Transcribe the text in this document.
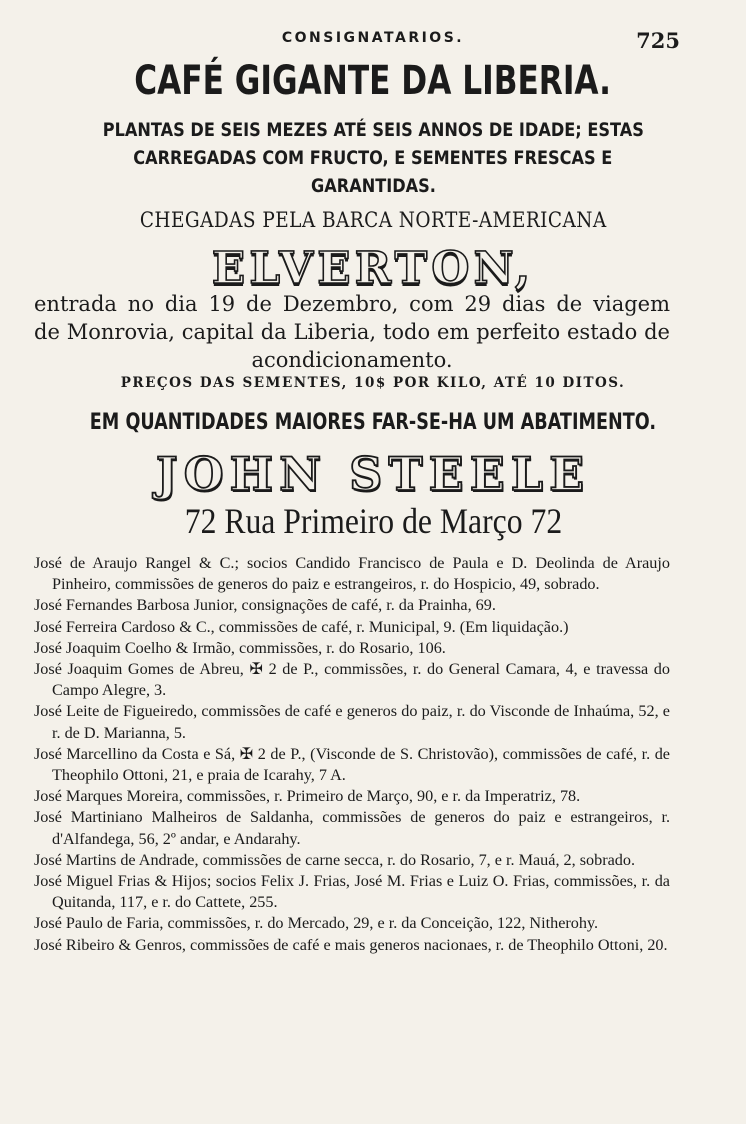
CONSIGNATARIOS.	725
CAFÉ GIGANTE DA LIBERIA.
PLANTAS DE SEIS MEZES ATÉ SEIS ANNOS DE IDADE; ESTAS
CARREGADAS COM FRUCTO, E SEMENTES FRESCAS E
GARANTIDAS.
CHEGADAS PELA BARCA NORTE-AMERICANA
ELVERTON,
entrada no dia 19 de Dezembro, com 29 dias de viagem
de Monrovia, capital da Liberia, todo em perfeito estado de
acondicionamento.
PREÇOS DAS SEMENTES, 10$ POR KILO, ATÉ 10 DITOS.
EM QUANTIDADES MAIORES FAR-SE-HA UM ABATIMENTO.
JOHN STEELE
72 Rua Primeiro de Março 72
José de Araujo Rangel & C.; socios Candido Francisco de Paula e D. Deolinda de Araujo Pinheiro, commissões de generos do paiz e estrangeiros, r. do Hospicio, 49, sobrado.
José Fernandes Barbosa Junior, consignações de café, r. da Prainha, 69.
José Ferreira Cardoso & C., commissões de café, r. Municipal, 9. (Em liquidação.)
José Joaquim Coelho & Irmão, commissões, r. do Rosario, 106.
José Joaquim Gomes de Abreu, ✠ 2 de P., commissões, r. do General Camara, 4, e travessa do Campo Alegre, 3.
José Leite de Figueiredo, commissões de café e generos do paiz, r. do Visconde de Inhaúma, 52, e r. de D. Marianna, 5.
José Marcellino da Costa e Sá, ✠ 2 de P., (Visconde de S. Christovão), commissões de café, r. de Theophilo Ottoni, 21, e praia de Icarahy, 7 A.
José Marques Moreira, commissões, r. Primeiro de Março, 90, e r. da Imperatriz, 78.
José Martiniano Malheiros de Saldanha, commissões de generos do paiz e estrangeiros, r. d'Alfandega, 56, 2º andar, e Andarahy.
José Martins de Andrade, commissões de carne secca, r. do Rosario, 7, e r. Mauá, 2, sobrado.
José Miguel Frias & Hijos; socios Felix J. Frias, José M. Frias e Luiz O. Frias, commissões, r. da Quitanda, 117, e r. do Cattete, 255.
José Paulo de Faria, commissões, r. do Mercado, 29, e r. da Conceição, 122, Nitherohy.
José Ribeiro & Genros, commissões de café e mais generos nacionaes, r. de Theophilo Ottoni, 20.
